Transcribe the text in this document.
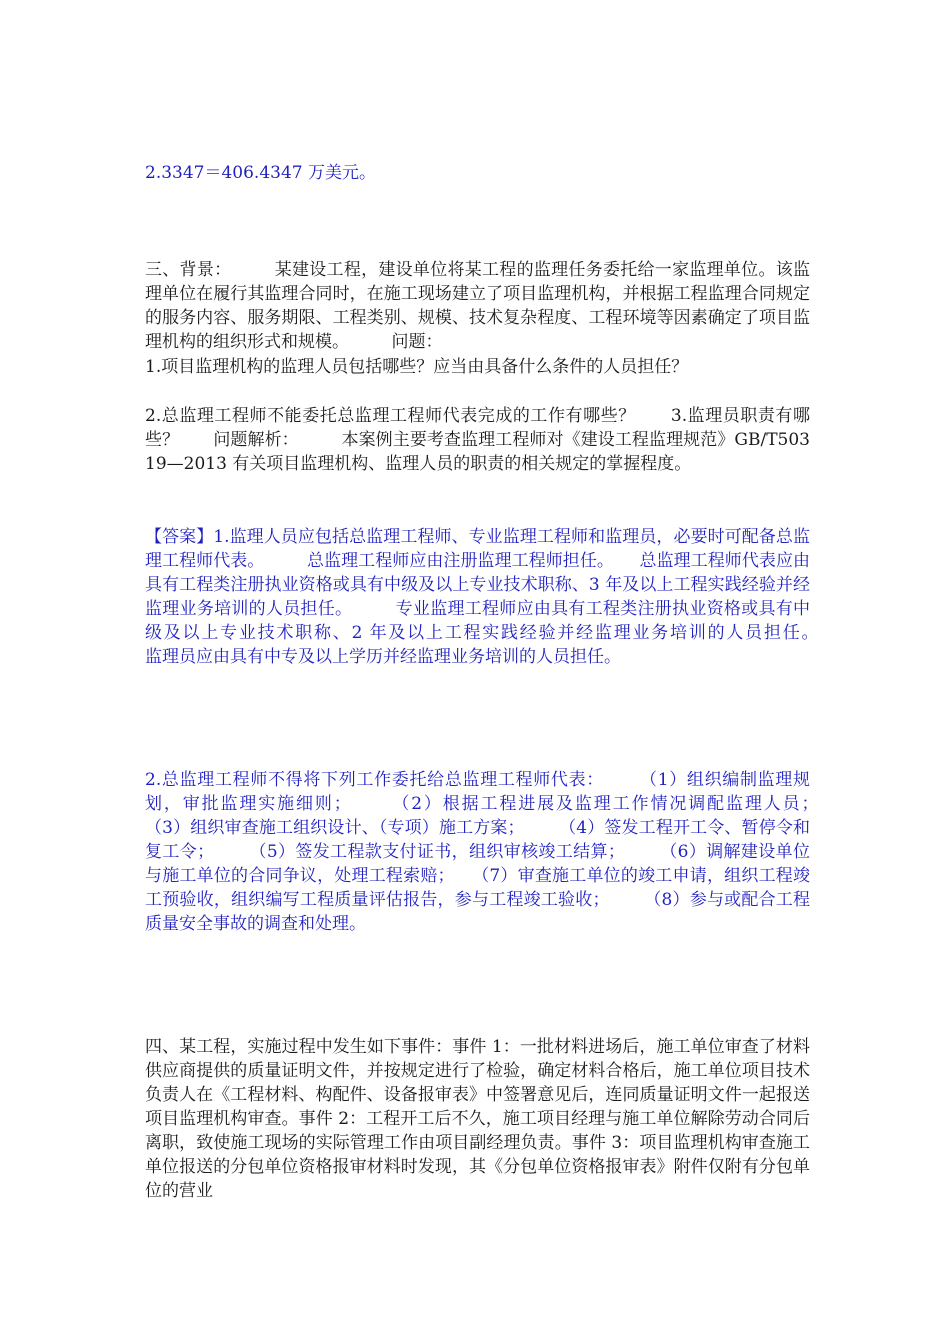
2.3347＝406.4347 万美元。
三、背景：　　　某建设工程，建设单位将某工程的监理任务委托给一家监理单位。该监理单位在履行其监理合同时，在施工现场建立了项目监理机构，并根据工程监理合同规定的服务内容、服务期限、工程类别、规模、技术复杂程度、工程环境等因素确定了项目监理机构的组织形式和规模。　　　问题：
1.项目监理机构的监理人员包括哪些？应当由具备什么条件的人员担任？
2.总监理工程师不能委托总监理工程师代表完成的工作有哪些？　　3.监理员职责有哪些？　　问题解析：　　　本案例主要考查监理工程师对《建设工程监理规范》GB/T50319—2013 有关项目监理机构、监理人员的职责的相关规定的掌握程度。
【答案】1.监理人员应包括总监理工程师、专业监理工程师和监理员，必要时可配备总监理工程师代表。　　　总监理工程师应由注册监理工程师担任。　　总监理工程师代表应由具有工程类注册执业资格或具有中级及以上专业技术职称、3 年及以上工程实践经验并经监理业务培训的人员担任。　　　专业监理工程师应由具有工程类注册执业资格或具有中级及以上专业技术职称、2 年及以上工程实践经验并经监理业务培训的人员担任。　　　监理员应由具有中专及以上学历并经监理业务培训的人员担任。
2.总监理工程师不得将下列工作委托给总监理工程师代表：　　　（1）组织编制监理规划，审批监理实施细则；　　　（2）根据工程进展及监理工作情况调配监理人员；　　　（3）组织审查施工组织设计、（专项）施工方案；　　　（4）签发工程开工令、暂停令和复工令；　　　（5）签发工程款支付证书，组织审核竣工结算；　　　（6）调解建设单位与施工单位的合同争议，处理工程索赔；　　（7）审查施工单位的竣工申请，组织工程竣工预验收，组织编写工程质量评估报告，参与工程竣工验收；　　　（8）参与或配合工程质量安全事故的调查和处理。
四、某工程，实施过程中发生如下事件：事件 1：一批材料进场后，施工单位审查了材料供应商提供的质量证明文件，并按规定进行了检验，确定材料合格后，施工单位项目技术负责人在《工程材料、构配件、设备报审表》中签署意见后，连同质量证明文件一起报送项目监理机构审查。事件 2：工程开工后不久，施工项目经理与施工单位解除劳动合同后离职，致使施工现场的实际管理工作由项目副经理负责。事件 3：项目监理机构审查施工单位报送的分包单位资格报审材料时发现，其《分包单位资格报审表》附件仅附有分包单位的营业
